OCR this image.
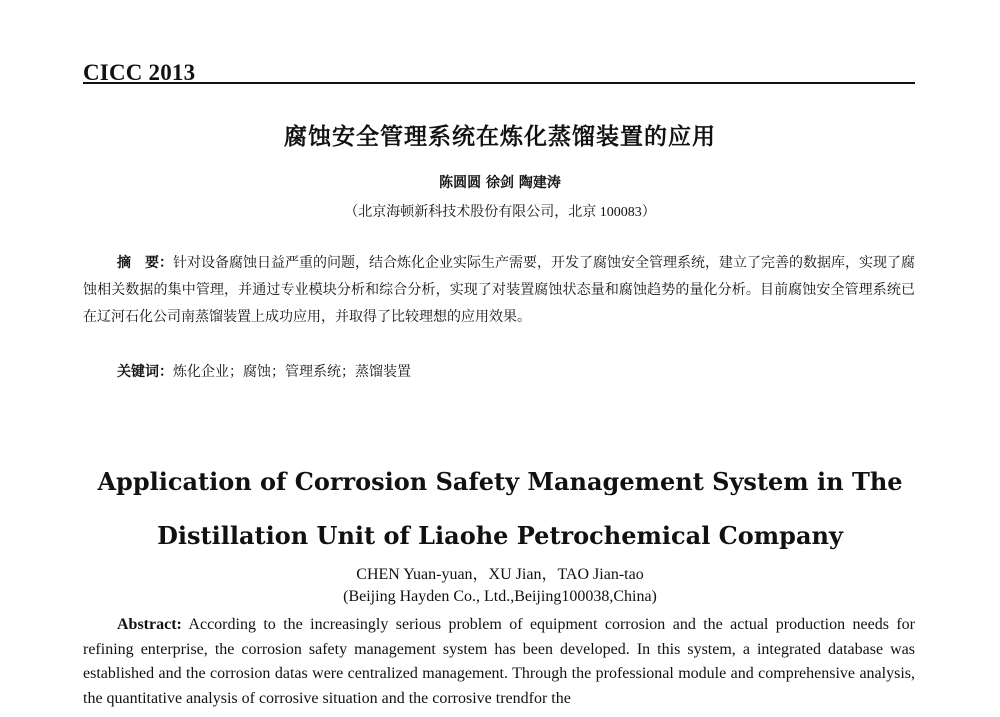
CICC 2013
腐蚀安全管理系统在炼化蒸馏装置的应用
陈圆圆 徐剑 陶建涛
（北京海顿新科技术股份有限公司，北京 100083）
摘　要：针对设备腐蚀日益严重的问题，结合炼化企业实际生产需要，开发了腐蚀安全管理系统，建立了完善的数据库，实现了腐蚀相关数据的集中管理，并通过专业模块分析和综合分析，实现了对装置腐蚀状态量和腐蚀趋势的量化分析。目前腐蚀安全管理系统已在辽河石化公司南蒸馏装置上成功应用，并取得了比较理想的应用效果。
关键词：炼化企业；腐蚀；管理系统；蒸馏装置
Application of Corrosion Safety Management System in The
Distillation Unit of Liaohe Petrochemical Company
CHEN Yuan-yuan，XU Jian，TAO Jian-tao
(Beijing Hayden Co., Ltd.,Beijing100038,China)
Abstract: According to the increasingly serious problem of equipment corrosion and the actual production needs for refining enterprise, the corrosion safety management system has been developed. In this system, a integrated database was established and the corrosion datas were centralized management. Through the professional module and comprehensive analysis, the quantitative analysis of corrosive situation and the corrosive trendfor the
